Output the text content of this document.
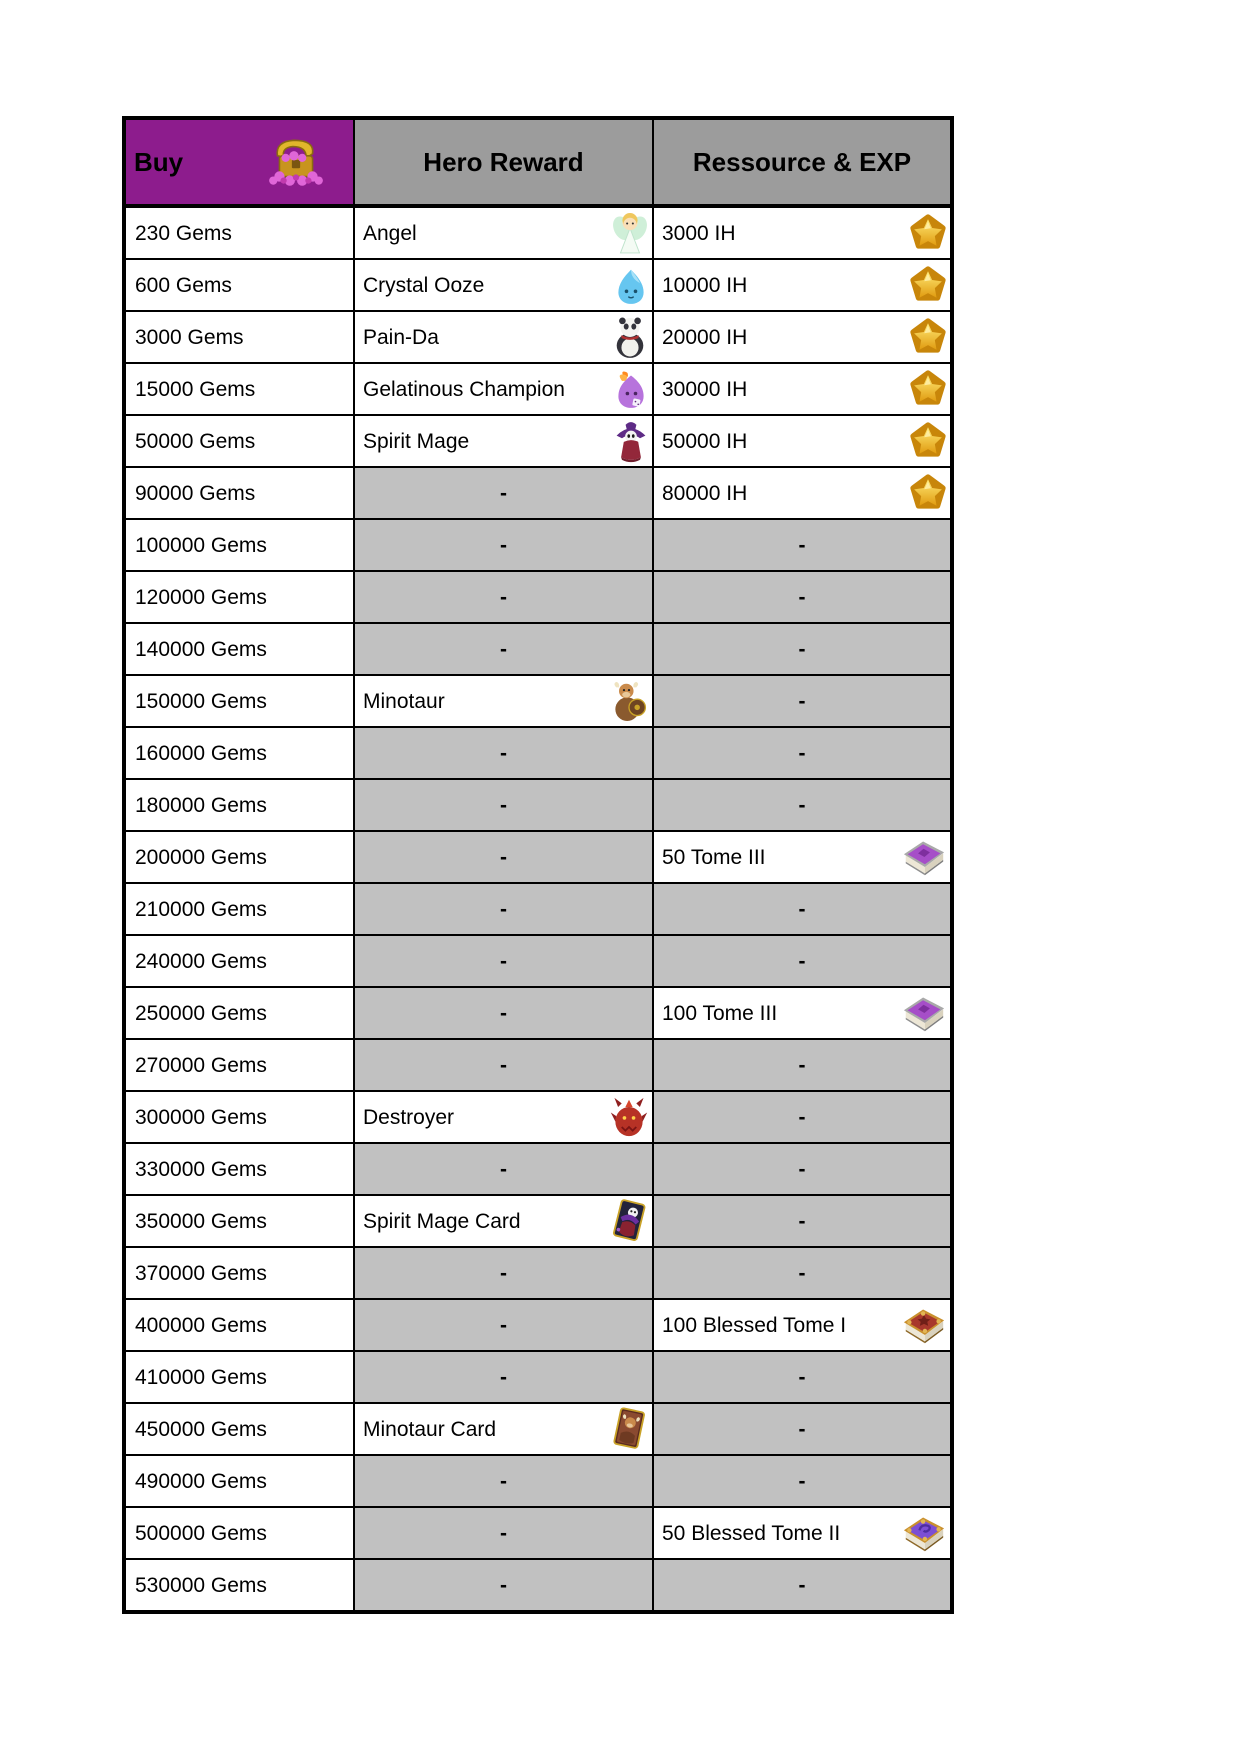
Buy	Hero Reward	Ressource & EXP
230 Gems	Angel	3000 IH
600 Gems	Crystal Ooze	10000 IH
3000 Gems	Pain-Da	20000 IH
15000 Gems	Gelatinous Champion	30000 IH
50000 Gems	Spirit Mage	50000 IH
90000 Gems	-	80000 IH
100000 Gems	-	-
120000 Gems	-	-
140000 Gems	-	-
150000 Gems	Minotaur	-
160000 Gems	-	-
180000 Gems	-	-
200000 Gems	-	50 Tome III
210000 Gems	-	-
240000 Gems	-	-
250000 Gems	-	100 Tome III
270000 Gems	-	-
300000 Gems	Destroyer	-
330000 Gems	-	-
350000 Gems	Spirit Mage Card	-
370000 Gems	-	-
400000 Gems	-	100 Blessed Tome I
410000 Gems	-	-
450000 Gems	Minotaur Card	-
490000 Gems	-	-
500000 Gems	-	50 Blessed Tome II
530000 Gems	-	-
